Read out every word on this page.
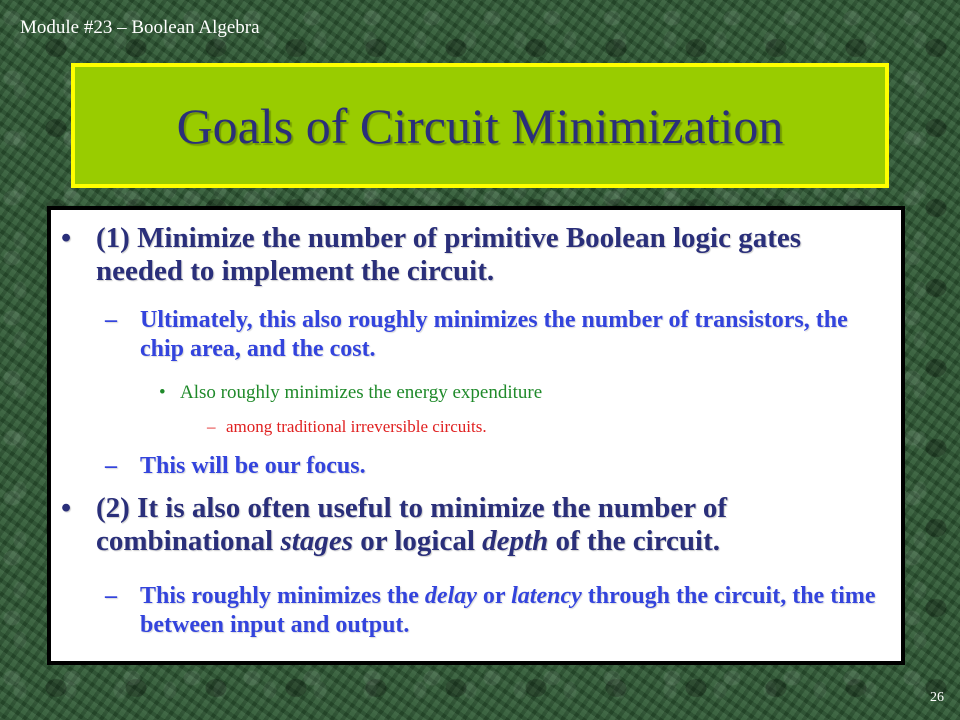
Module #23 – Boolean Algebra
Goals of Circuit Minimization
• (1) Minimize the number of primitive Boolean logic gates needed to implement the circuit.
– Ultimately, this also roughly minimizes the number of transistors, the chip area, and the cost.
• Also roughly minimizes the energy expenditure
– among traditional irreversible circuits.
– This will be our focus.
• (2) It is also often useful to minimize the number of combinational stages or logical depth of the circuit.
– This roughly minimizes the delay or latency through the circuit, the time between input and output.
26
